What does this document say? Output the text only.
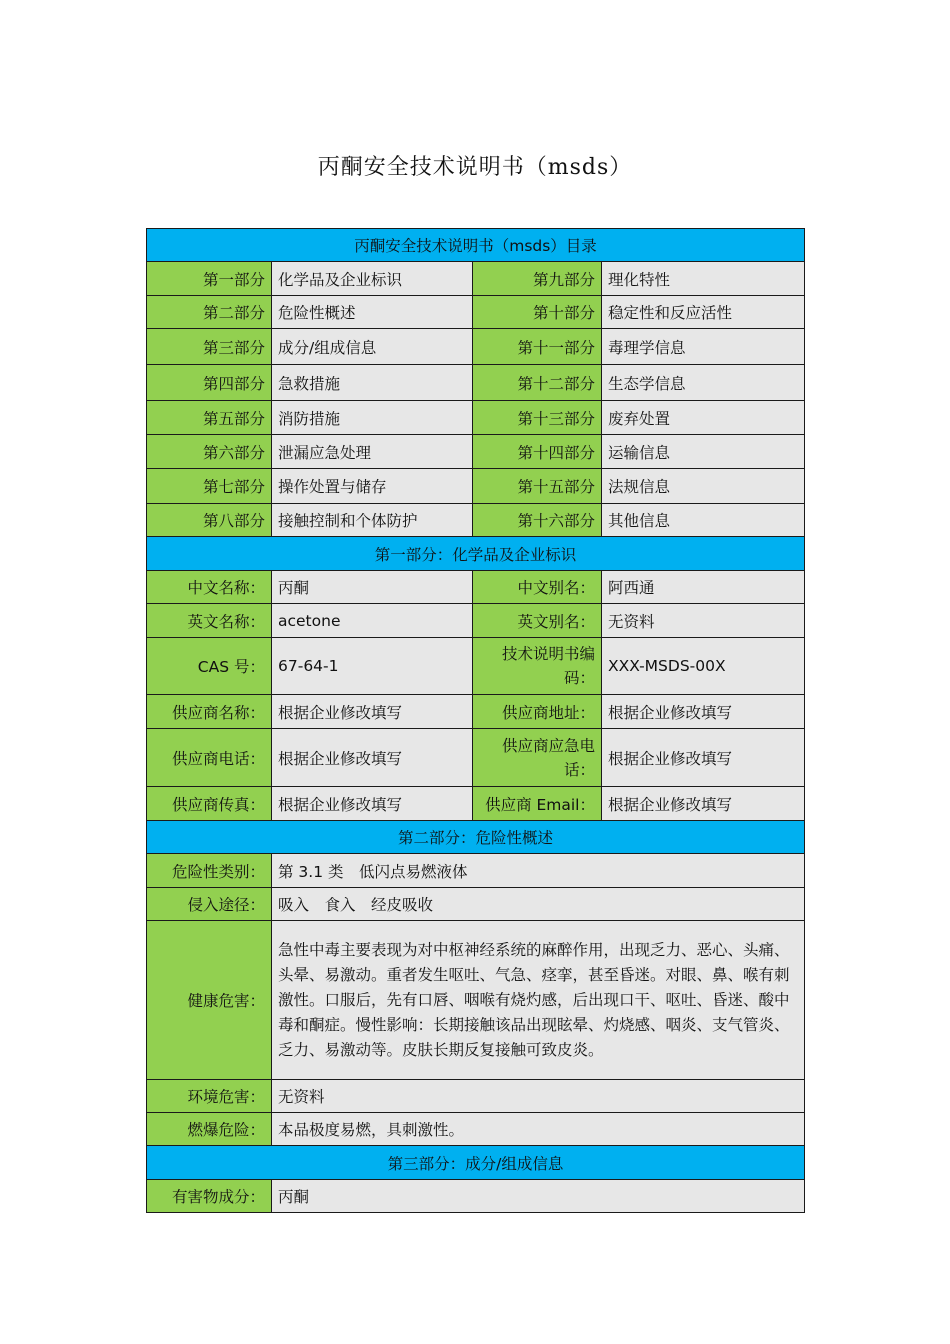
丙酮安全技术说明书（msds）
丙酮安全技术说明书（msds）目录			
第一部分	化学品及企业标识	第九部分	理化特性
第二部分	危险性概述	第十部分	稳定性和反应活性
第三部分	成分/组成信息	第十一部分	毒理学信息
第四部分	急救措施	第十二部分	生态学信息
第五部分	消防措施	第十三部分	废弃处置
第六部分	泄漏应急处理	第十四部分	运输信息
第七部分	操作处置与储存	第十五部分	法规信息
第八部分	接触控制和个体防护	第十六部分	其他信息
第一部分：化学品及企业标识			
中文名称：	丙酮	中文别名：	阿西通
英文名称：	acetone	英文别名：	无资料
CAS 号：	67-64-1	技术说明书编码：	XXX-MSDS-00X
供应商名称：	根据企业修改填写	供应商地址：	根据企业修改填写
供应商电话：	根据企业修改填写	供应商应急电话：	根据企业修改填写
供应商传真：	根据企业修改填写	供应商 Email：	根据企业修改填写
第二部分：危险性概述			
危险性类别：	第 3.1 类　低闪点易燃液体		
侵入途径：	吸入　食入　经皮吸收		
健康危害：	急性中毒主要表现为对中枢神经系统的麻醉作用，出现乏力、恶心、头痛、头晕、易激动。重者发生呕吐、气急、痉挛，甚至昏迷。对眼、鼻、喉有刺激性。口服后，先有口唇、咽喉有烧灼感，后出现口干、呕吐、昏迷、酸中毒和酮症。慢性影响：长期接触该品出现眩晕、灼烧感、咽炎、支气管炎、乏力、易激动等。皮肤长期反复接触可致皮炎。		
环境危害：	无资料		
燃爆危险：	本品极度易燃，具刺激性。		
第三部分：成分/组成信息			
有害物成分：	丙酮		
